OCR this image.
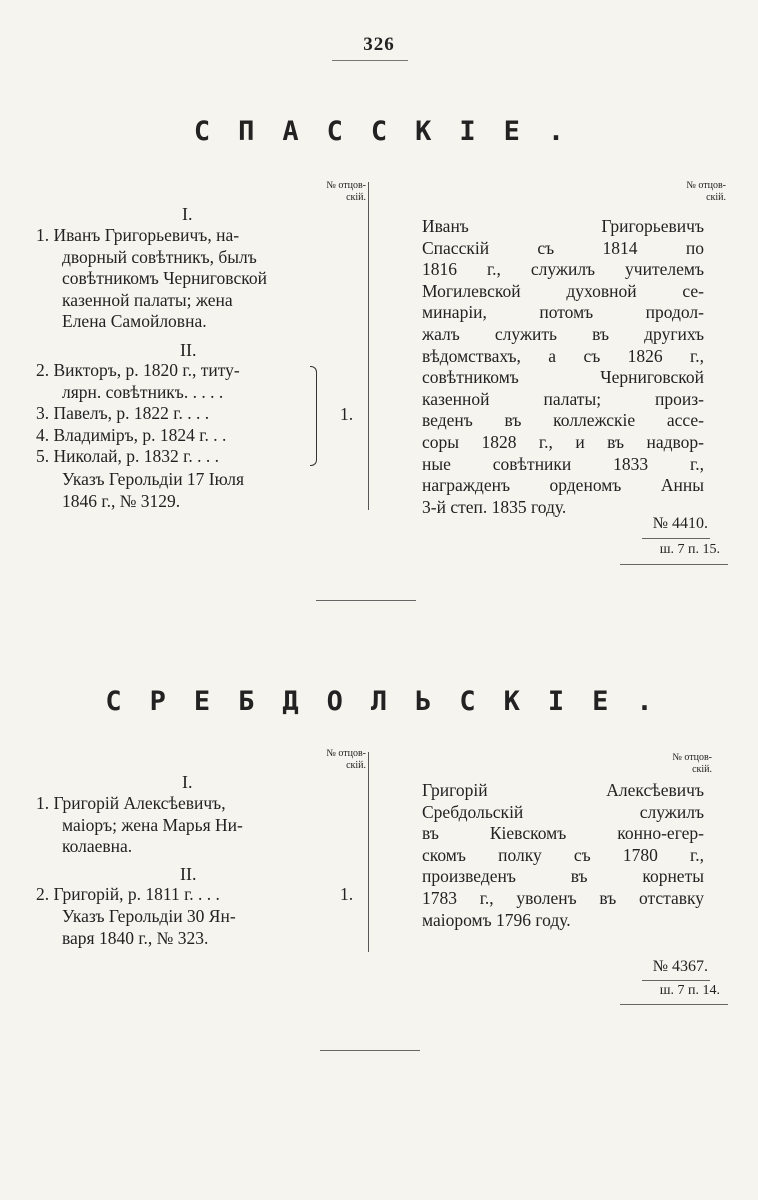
326
СПАССКIЕ.
№ отцов-
скій.
№ отцов-
скій.
I.
1. Иванъ Григорьевичъ, на-
дворный совѣтникъ, былъ
совѣтникомъ Черниговской
казенной палаты; жена
Елена Самойловна.
II.
2. Викторъ, р. 1820 г., титу-
лярн. совѣтникъ. . . . .
3. Павелъ, р. 1822 г. . . .
4. Владиміръ, р. 1824 г. . .
5. Николай, р. 1832 г. . . .
1.
Указъ Герольдіи 17 Iюля
1846 г., № 3129.
Иванъ Григорьевичъ
Спасскій съ 1814 по
1816 г., служилъ учителемъ
Могилевской духовной се-
минаріи, потомъ продол-
жалъ служить въ другихъ
вѣдомствахъ, а съ 1826 г.,
совѣтникомъ Черниговской
казенной палаты; произ-
веденъ въ коллежскіе ассе-
соры 1828 г., и въ надвор-
ные совѣтники 1833 г.,
награжденъ орденомъ Анны
3-й степ. 1835 году.
№ 4410.
ш. 7 п. 15.
СРЕБДОЛЬСКIЕ.
№ отцов-
скій.
№ отцов-
скій.
I.
1. Григорій Алексѣевичъ,
маіоръ; жена Марья Ни-
колаевна.
II.
2. Григорій, р. 1811 г. . . .	1.
Указъ Герольдіи 30 Ян-
варя 1840 г., № 323.
Григорій Алексѣевичъ
Сребдольскій служилъ
въ Кіевскомъ конно-егер-
скомъ полку съ 1780 г.,
произведенъ въ корнеты
1783 г., уволенъ въ отставку
маіоромъ 1796 году.
№ 4367.
ш. 7 п. 14.
